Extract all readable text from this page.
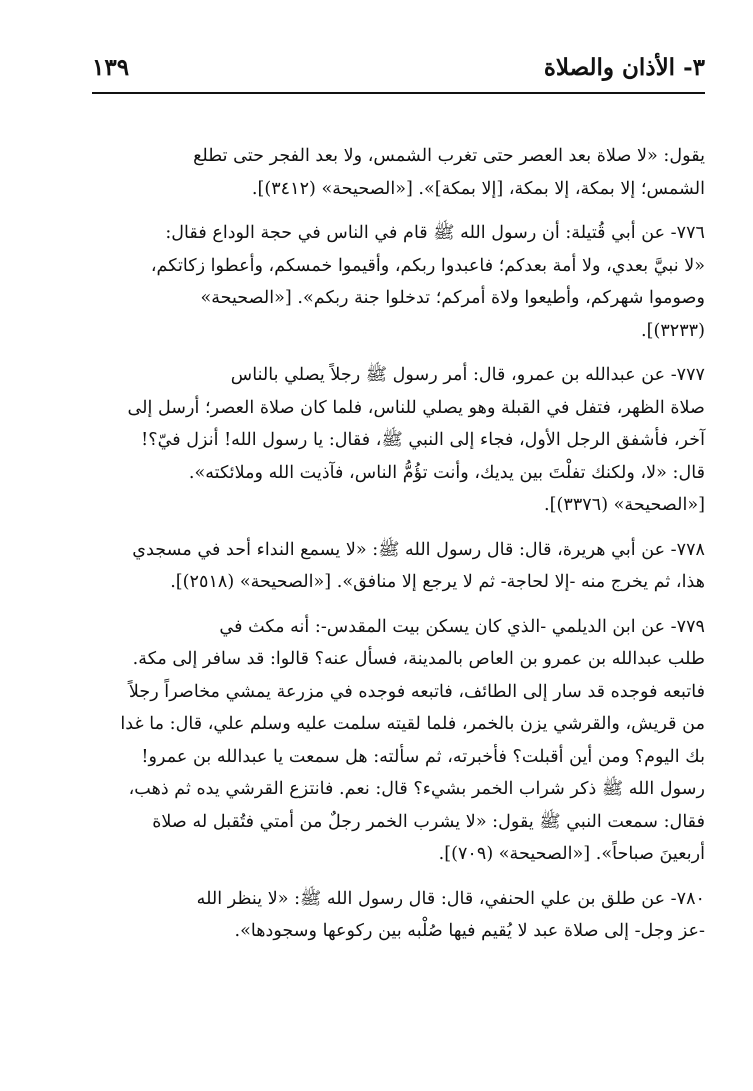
٣- الأذان والصلاة
١٣٩
يقول: «لا صلاة بعد العصر حتى تغرب الشمس، ولا بعد الفجر حتى تطلع
الشمس؛ إلا بمكة، إلا بمكة، [إلا بمكة]». [«الصحيحة» (٣٤١٢)].
٧٧٦- عن أبي قُتيلة: أن رسول الله ﷺ قام في الناس في حجة الوداع فقال:
«لا نبيَّ بعدي، ولا أمة بعدكم؛ فاعبدوا ربكم، وأقيموا خمسكم، وأعطوا زكاتكم،
وصوموا شهركم، وأطيعوا ولاة أمركم؛ تدخلوا جنة ربكم». [«الصحيحة»
(٣٢٣٣)].
٧٧٧- عن عبدالله بن عمرو، قال: أمر رسول ﷺ رجلاً يصلي بالناس
صلاة الظهر، فتفل في القبلة وهو يصلي للناس، فلما كان صلاة العصر؛ أرسل إلى
آخر، فأشفق الرجل الأول، فجاء إلى النبي ﷺ، فقال: يا رسول الله! أنزل فيّ؟!
قال: «لا، ولكنك تفلْتَ بين يديك، وأنت تؤُمُّ الناس، فآذيت الله وملائكته».
[«الصحيحة» (٣٣٧٦)].
٧٧٨- عن أبي هريرة، قال: قال رسول الله ﷺ: «لا يسمع النداء أحد في مسجدي
هذا، ثم يخرج منه -إلا لحاجة- ثم لا يرجع إلا منافق». [«الصحيحة» (٢٥١٨)].
٧٧٩- عن ابن الديلمي -الذي كان يسكن بيت المقدس-: أنه مكث في
طلب عبدالله بن عمرو بن العاص بالمدينة، فسأل عنه؟ قالوا: قد سافر إلى مكة.
فاتبعه فوجده قد سار إلى الطائف، فاتبعه فوجده في مزرعة يمشي مخاصراً رجلاً
من قريش، والقرشي يزن بالخمر، فلما لقيته سلمت عليه وسلم علي، قال: ما غدا
بك اليوم؟ ومن أين أقبلت؟ فأخبرته، ثم سألته: هل سمعت يا عبدالله بن عمرو!
رسول الله ﷺ ذكر شراب الخمر بشيء؟ قال: نعم. فانتزع القرشي يده ثم ذهب،
فقال: سمعت النبي ﷺ يقول: «لا يشرب الخمر رجلٌ من أمتي فتُقبل له صلاة
أربعينَ صباحاً». [«الصحيحة» (٧٠٩)].
٧٨٠- عن طلق بن علي الحنفي، قال: قال رسول الله ﷺ: «لا ينظر الله
-عز وجل- إلى صلاة عبد لا يُقيم فيها صُلْبه بين ركوعها وسجودها».
